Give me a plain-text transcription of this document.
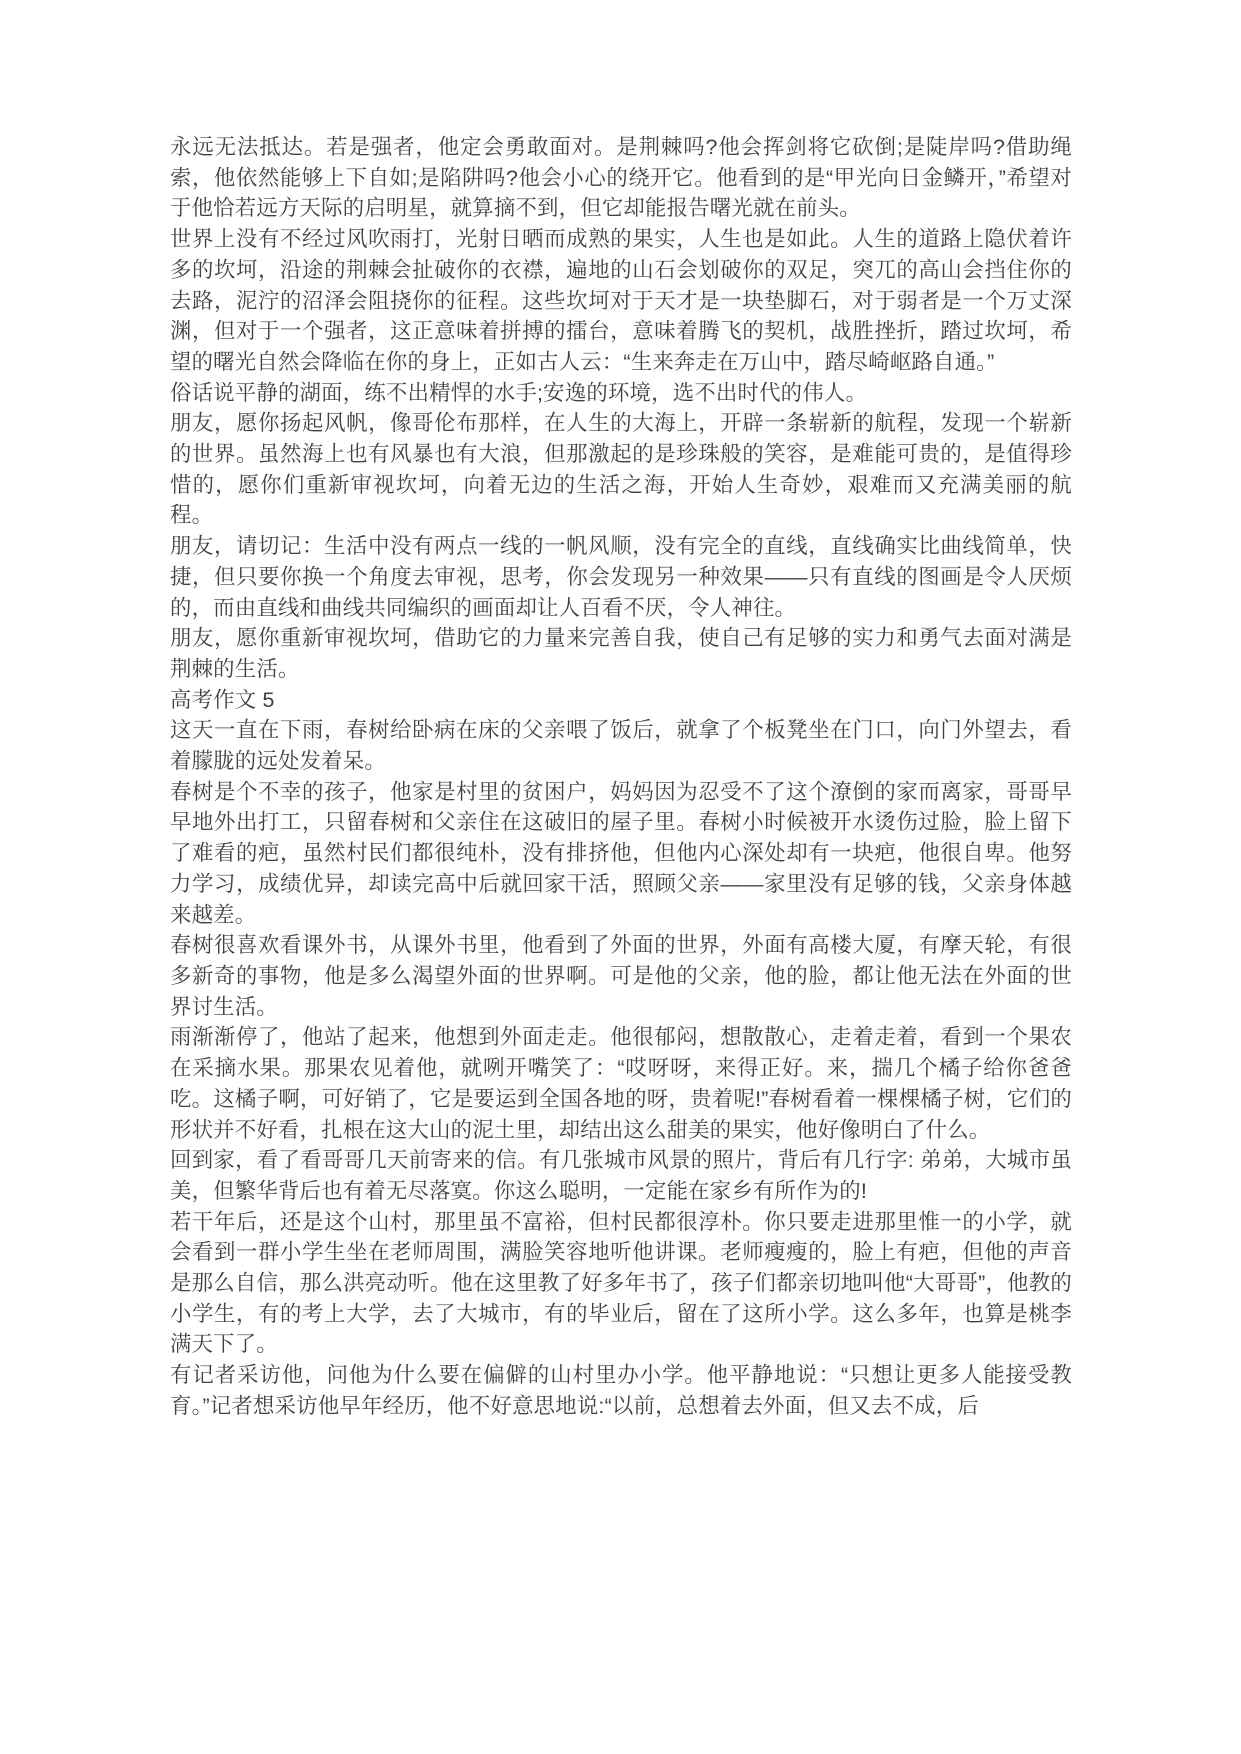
永远无法抵达。若是强者，他定会勇敢面对。是荆棘吗?他会挥剑将它砍倒;是陡岸吗?借助绳索，他依然能够上下自如;是陷阱吗?他会小心的绕开它。他看到的是“甲光向日金鳞开，”希望对于他恰若远方天际的启明星，就算摘不到，但它却能报告曙光就在前头。

世界上没有不经过风吹雨打，光射日晒而成熟的果实，人生也是如此。人生的道路上隐伏着许多的坎坷，沿途的荆棘会扯破你的衣襟，遍地的山石会划破你的双足，突兀的高山会挡住你的去路，泥泞的沼泽会阻挠你的征程。这些坎坷对于天才是一块垫脚石，对于弱者是一个万丈深渊，但对于一个强者，这正意味着拼搏的擂台，意味着腾飞的契机，战胜挫折，踏过坎坷，希望的曙光自然会降临在你的身上，正如古人云：“生来奔走在万山中，踏尽崎岖路自通。”

俗话说平静的湖面，练不出精悍的水手;安逸的环境，选不出时代的伟人。

朋友，愿你扬起风帆，像哥伦布那样，在人生的大海上，开辟一条崭新的航程，发现一个崭新的世界。虽然海上也有风暴也有大浪，但那激起的是珍珠般的笑容，是难能可贵的，是值得珍惜的，愿你们重新审视坎坷，向着无边的生活之海，开始人生奇妙，艰难而又充满美丽的航程。

朋友，请切记：生活中没有两点一线的一帆风顺，没有完全的直线，直线确实比曲线简单，快捷，但只要你换一个角度去审视，思考，你会发现另一种效果——只有直线的图画是令人厌烦的，而由直线和曲线共同编织的画面却让人百看不厌，令人神往。

朋友，愿你重新审视坎坷，借助它的力量来完善自我，使自己有足够的实力和勇气去面对满是荆棘的生活。

高考作文 5

这天一直在下雨，春树给卧病在床的父亲喂了饭后，就拿了个板凳坐在门口，向门外望去，看着朦胧的远处发着呆。

春树是个不幸的孩子，他家是村里的贫困户，妈妈因为忍受不了这个潦倒的家而离家，哥哥早早地外出打工，只留春树和父亲住在这破旧的屋子里。春树小时候被开水烫伤过脸，脸上留下了难看的疤，虽然村民们都很纯朴，没有排挤他，但他内心深处却有一块疤，他很自卑。他努力学习，成绩优异，却读完高中后就回家干活，照顾父亲——家里没有足够的钱，父亲身体越来越差。

春树很喜欢看课外书，从课外书里，他看到了外面的世界，外面有高楼大厦，有摩天轮，有很多新奇的事物，他是多么渴望外面的世界啊。可是他的父亲，他的脸，都让他无法在外面的世界讨生活。

雨渐渐停了，他站了起来，他想到外面走走。他很郁闷，想散散心，走着走着，看到一个果农在采摘水果。那果农见着他，就咧开嘴笑了：“哎呀呀，来得正好。来，揣几个橘子给你爸爸吃。这橘子啊，可好销了，它是要运到全国各地的呀，贵着呢!”春树看着一棵棵橘子树，它们的形状并不好看，扎根在这大山的泥土里，却结出这么甜美的果实，他好像明白了什么。

回到家，看了看哥哥几天前寄来的信。有几张城市风景的照片，背后有几行字: 弟弟，大城市虽美，但繁华背后也有着无尽落寞。你这么聪明，一定能在家乡有所作为的!

若干年后，还是这个山村，那里虽不富裕，但村民都很淳朴。你只要走进那里惟一的小学，就会看到一群小学生坐在老师周围，满脸笑容地听他讲课。老师瘦瘦的，脸上有疤，但他的声音是那么自信，那么洪亮动听。他在这里教了好多年书了，孩子们都亲切地叫他“大哥哥”，他教的小学生，有的考上大学，去了大城市，有的毕业后，留在了这所小学。这么多年，也算是桃李满天下了。

有记者采访他，问他为什么要在偏僻的山村里办小学。他平静地说：“只想让更多人能接受教育。”记者想采访他早年经历，他不好意思地说:“以前，总想着去外面，但又去不成，后
